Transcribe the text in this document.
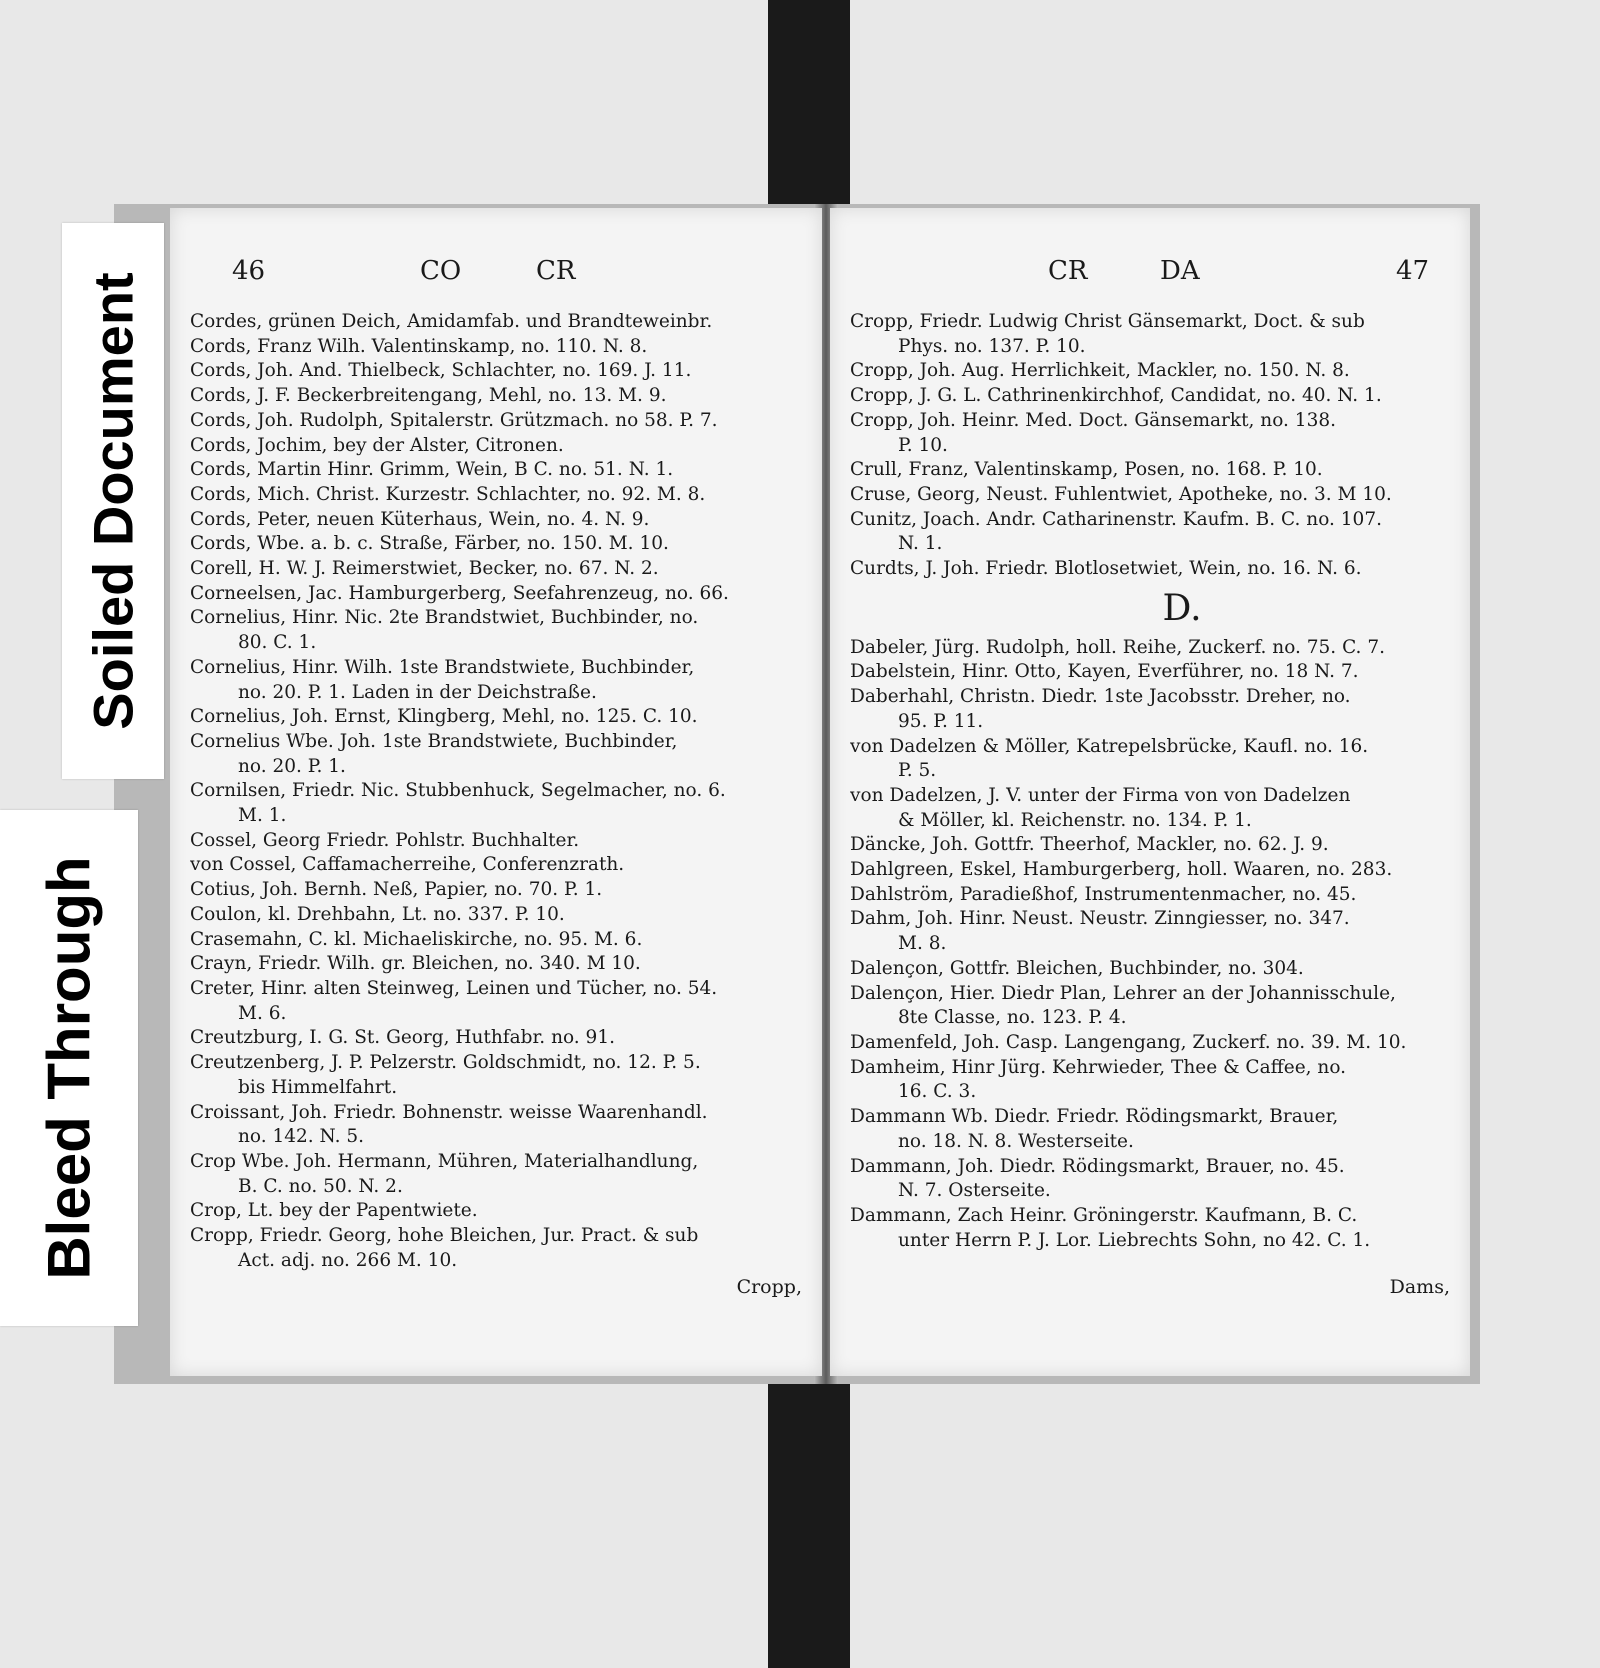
46	CO	CR
Cordes, grünen Deich, Amidamfab. und Brandteweinbr.
Cords, Franz Wilh. Valentinskamp, no. 110. N. 8.
Cords, Joh. And. Thielbeck, Schlachter, no. 169. J. 11.
Cords, J. F. Beckerbreitengang, Mehl, no. 13. M. 9.
Cords, Joh. Rudolph, Spitalerstr. Grützmach. no 58. P. 7.
Cords, Jochim, bey der Alster, Citronen.
Cords, Martin Hinr. Grimm, Wein, B C. no. 51. N. 1.
Cords, Mich. Christ. Kurzestr. Schlachter, no. 92. M. 8.
Cords, Peter, neuen Küterhaus, Wein, no. 4. N. 9.
Cords, Wbe. a. b. c. Straße, Färber, no. 150. M. 10.
Corell, H. W. J. Reimerstwiet, Becker, no. 67. N. 2.
Corneelsen, Jac. Hamburgerberg, Seefahrenzeug, no. 66.
Cornelius, Hinr. Nic. 2te Brandstwiet, Buchbinder, no.
80. C. 1.
Cornelius, Hinr. Wilh. 1ste Brandstwiete, Buchbinder,
no. 20. P. 1. Laden in der Deichstraße.
Cornelius, Joh. Ernst, Klingberg, Mehl, no. 125. C. 10.
Cornelius Wbe. Joh. 1ste Brandstwiete, Buchbinder,
no. 20. P. 1.
Cornilsen, Friedr. Nic. Stubbenhuck, Segelmacher, no. 6.
M. 1.
Cossel, Georg Friedr. Pohlstr. Buchhalter.
von Cossel, Caffamacherreihe, Conferenzrath.
Cotius, Joh. Bernh. Neß, Papier, no. 70. P. 1.
Coulon, kl. Drehbahn, Lt. no. 337. P. 10.
Crasemahn, C. kl. Michaeliskirche, no. 95. M. 6.
Crayn, Friedr. Wilh. gr. Bleichen, no. 340. M 10.
Creter, Hinr. alten Steinweg, Leinen und Tücher, no. 54.
M. 6.
Creutzburg, I. G. St. Georg, Huthfabr. no. 91.
Creutzenberg, J. P. Pelzerstr. Goldschmidt, no. 12. P. 5.
bis Himmelfahrt.
Croissant, Joh. Friedr. Bohnenstr. weisse Waarenhandl.
no. 142. N. 5.
Crop Wbe. Joh. Hermann, Mühren, Materialhandlung,
B. C. no. 50. N. 2.
Crop, Lt. bey der Papentwiete.
Cropp, Friedr. Georg, hohe Bleichen, Jur. Pract. & sub
Act. adj. no. 266 M. 10.
Cropp,
CR	DA	47
Cropp, Friedr. Ludwig Christ Gänsemarkt, Doct. & sub
Phys. no. 137. P. 10.
Cropp, Joh. Aug. Herrlichkeit, Mackler, no. 150. N. 8.
Cropp, J. G. L. Cathrinenkirchhof, Candidat, no. 40. N. 1.
Cropp, Joh. Heinr. Med. Doct. Gänsemarkt, no. 138.
P. 10.
Crull, Franz, Valentinskamp, Posen, no. 168. P. 10.
Cruse, Georg, Neust. Fuhlentwiet, Apotheke, no. 3. M 10.
Cunitz, Joach. Andr. Catharinenstr. Kaufm. B. C. no. 107.
N. 1.
Curdts, J. Joh. Friedr. Blotlosetwiet, Wein, no. 16. N. 6.
D.
Dabeler, Jürg. Rudolph, holl. Reihe, Zuckerf. no. 75. C. 7.
Dabelstein, Hinr. Otto, Kayen, Everführer, no. 18 N. 7.
Daberhahl, Christn. Diedr. 1ste Jacobsstr. Dreher, no.
95. P. 11.
von Dadelzen & Möller, Katrepelsbrücke, Kaufl. no. 16.
P. 5.
von Dadelzen, J. V. unter der Firma von von Dadelzen
& Möller, kl. Reichenstr. no. 134. P. 1.
Däncke, Joh. Gottfr. Theerhof, Mackler, no. 62. J. 9.
Dahlgreen, Eskel, Hamburgerberg, holl. Waaren, no. 283.
Dahlström, Paradießhof, Instrumentenmacher, no. 45.
Dahm, Joh. Hinr. Neust. Neustr. Zinngiesser, no. 347.
M. 8.
Dalençon, Gottfr. Bleichen, Buchbinder, no. 304.
Dalençon, Hier. Diedr Plan, Lehrer an der Johannisschule,
8te Classe, no. 123. P. 4.
Damenfeld, Joh. Casp. Langengang, Zuckerf. no. 39. M. 10.
Damheim, Hinr Jürg. Kehrwieder, Thee & Caffee, no.
16. C. 3.
Dammann Wb. Diedr. Friedr. Rödingsmarkt, Brauer,
no. 18. N. 8. Westerseite.
Dammann, Joh. Diedr. Rödingsmarkt, Brauer, no. 45.
N. 7. Osterseite.
Dammann, Zach Heinr. Gröningerstr. Kaufmann, B. C.
unter Herrn P. J. Lor. Liebrechts Sohn, no 42. C. 1.
Dams,
Soiled Document
Bleed Through
